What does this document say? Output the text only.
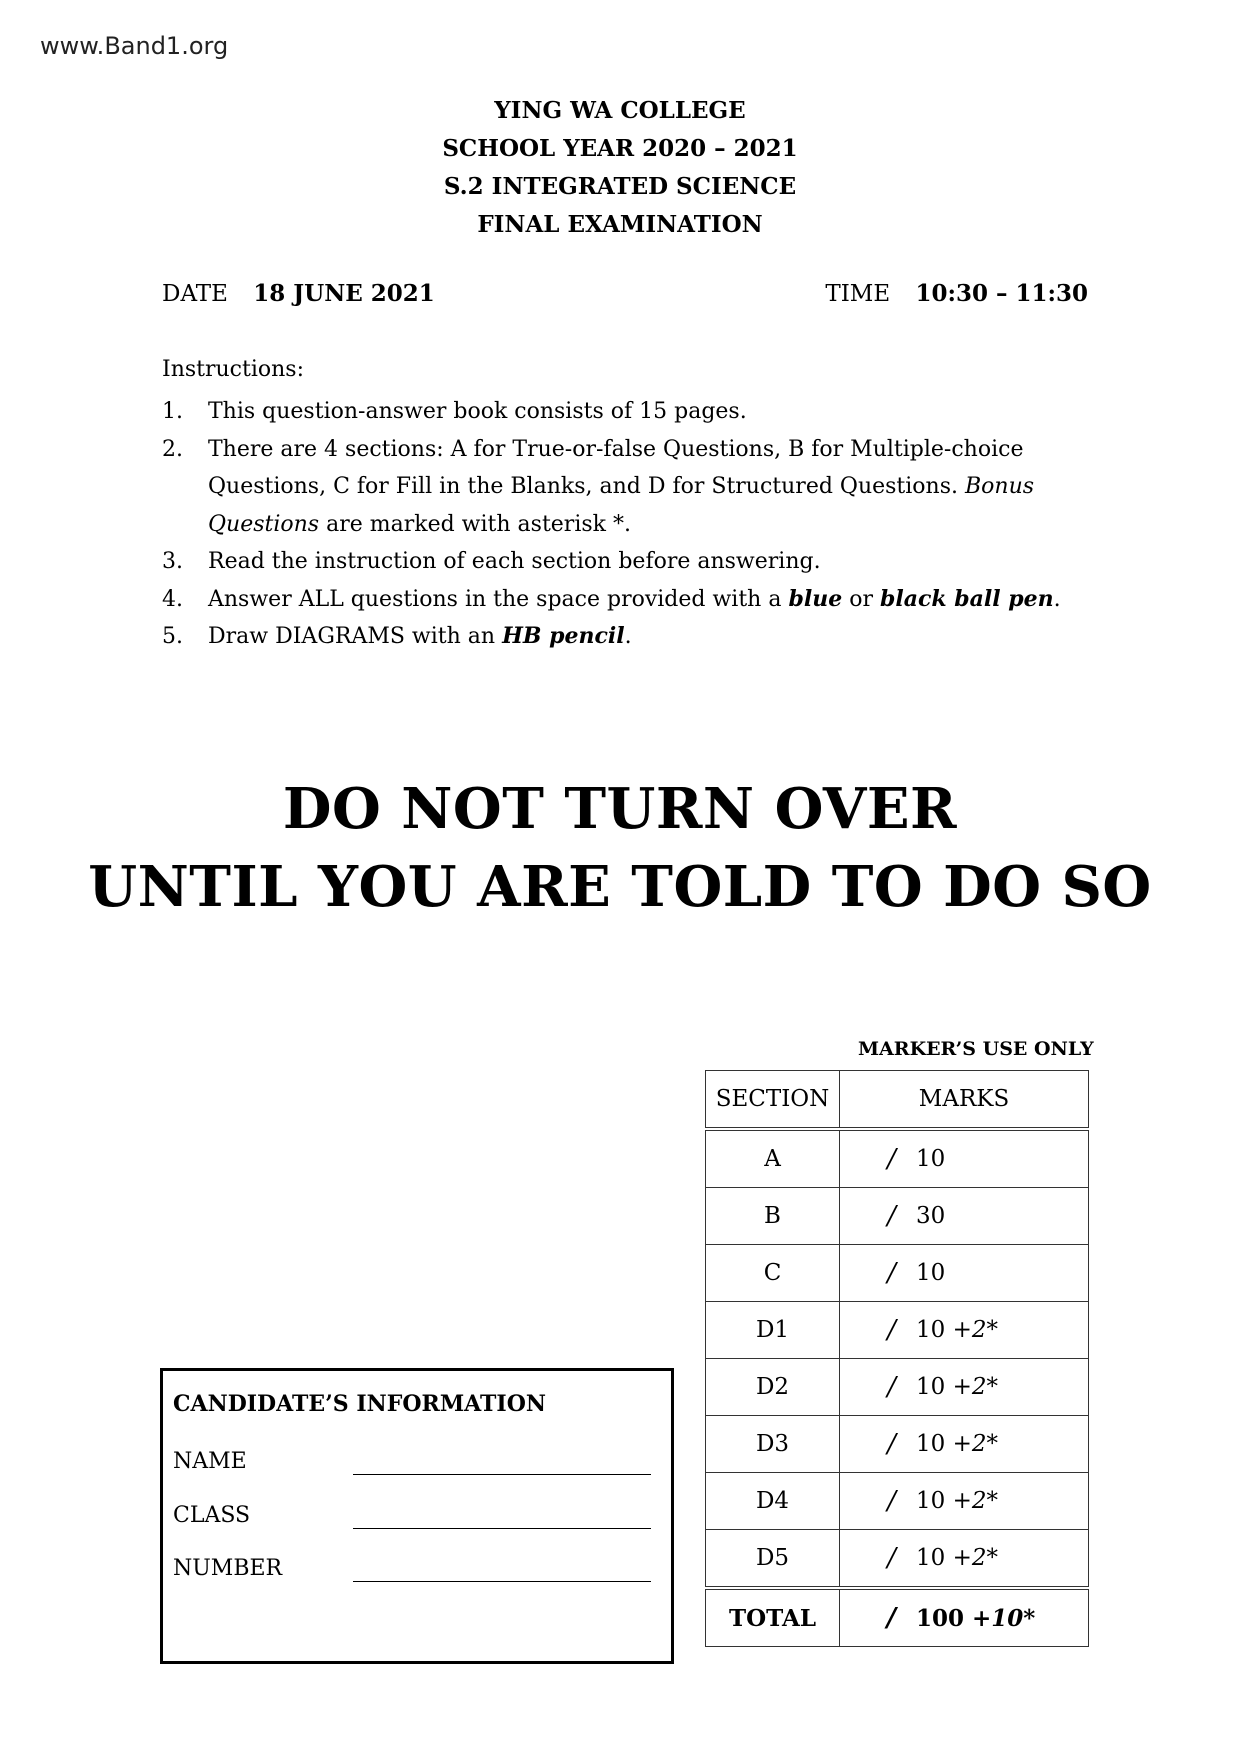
www.Band1.org
YING WA COLLEGE
SCHOOL YEAR 2020 – 2021
S.2 INTEGRATED SCIENCE
FINAL EXAMINATION
DATE 18 JUNE 2021	TIME 10:30 – 11:30
Instructions:
1.	This question-answer book consists of 15 pages.
2.	There are 4 sections: A for True-or-false Questions, B for Multiple-choice Questions, C for Fill in the Blanks, and D for Structured Questions. Bonus Questions are marked with asterisk *.
3.	Read the instruction of each section before answering.
4.	Answer ALL questions in the space provided with a blue or black ball pen.
5.	Draw DIAGRAMS with an HB pencil.
DO NOT TURN OVER
UNTIL YOU ARE TOLD TO DO SO
MARKER’S USE ONLY
SECTION	MARKS
A	/ 10

B	/ 30

C	/ 10

D1	/ 10 + 2*

D2	/ 10 + 2*

D3	/ 10 + 2*

D4	/ 10 + 2*

D5	/ 10 + 2*

TOTAL	/ 100 + 10*
CANDIDATE’S INFORMATION
NAME
CLASS
NUMBER
